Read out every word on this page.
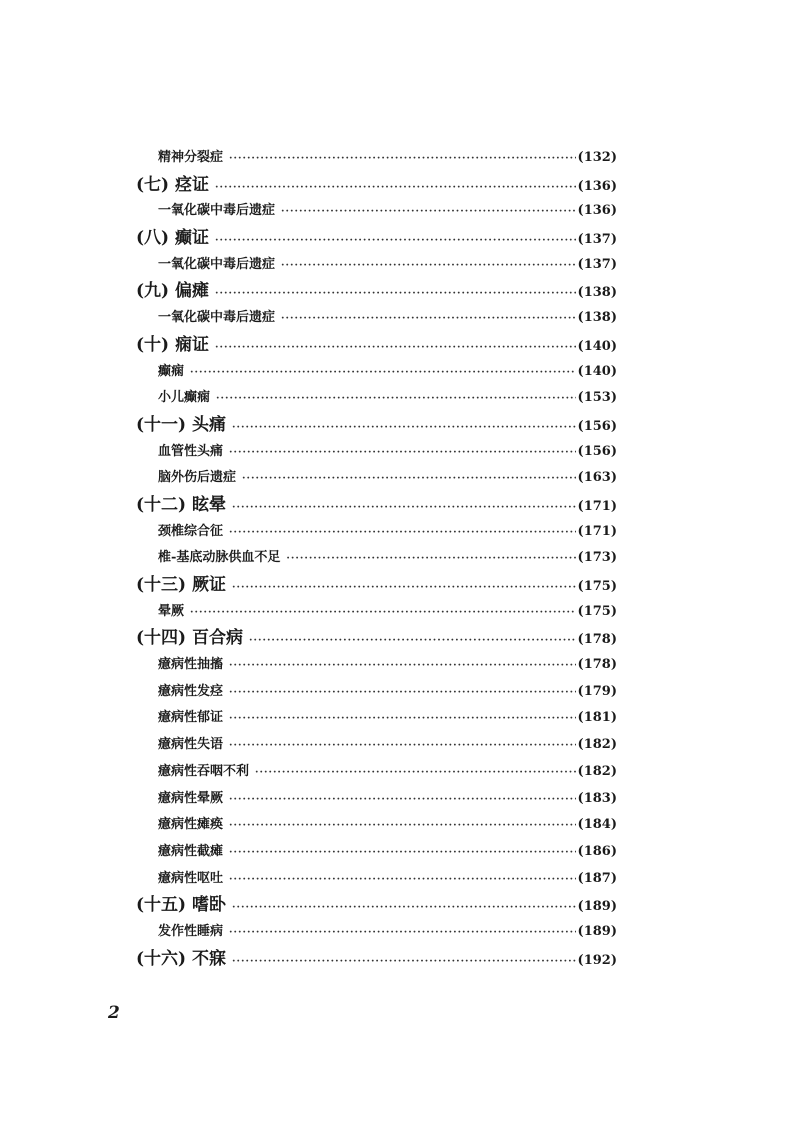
精神分裂症 ·····	(132)
(七) 痉证 ·····	(136)
一氧化碳中毒后遗症 ·····	(136)
(八) 癫证 ·····	(137)
一氧化碳中毒后遗症 ·····	(137)
(九) 偏瘫 ·····	(138)
一氧化碳中毒后遗症 ·····	(138)
(十) 痫证 ·····	(140)
癫痫 ·····	(140)
小儿癫痫 ·····	(153)
(十一) 头痛 ·····	(156)
血管性头痛 ·····	(156)
脑外伤后遗症 ·····	(163)
(十二) 眩晕 ·····	(171)
颈椎综合征 ·····	(171)
椎-基底动脉供血不足 ·····	(173)
(十三) 厥证 ·····	(175)
晕厥 ·····	(175)
(十四) 百合病 ·····	(178)
癔病性抽搐 ·····	(178)
癔病性发痉 ·····	(179)
癔病性郁证 ·····	(181)
癔病性失语 ·····	(182)
癔病性吞咽不利 ·····	(182)
癔病性晕厥 ·····	(183)
癔病性瘫痪 ·····	(184)
癔病性截瘫 ·····	(186)
癔病性呕吐 ·····	(187)
(十五) 嗜卧 ·····	(189)
发作性睡病 ·····	(189)
(十六) 不寐 ·····	(192)
2
